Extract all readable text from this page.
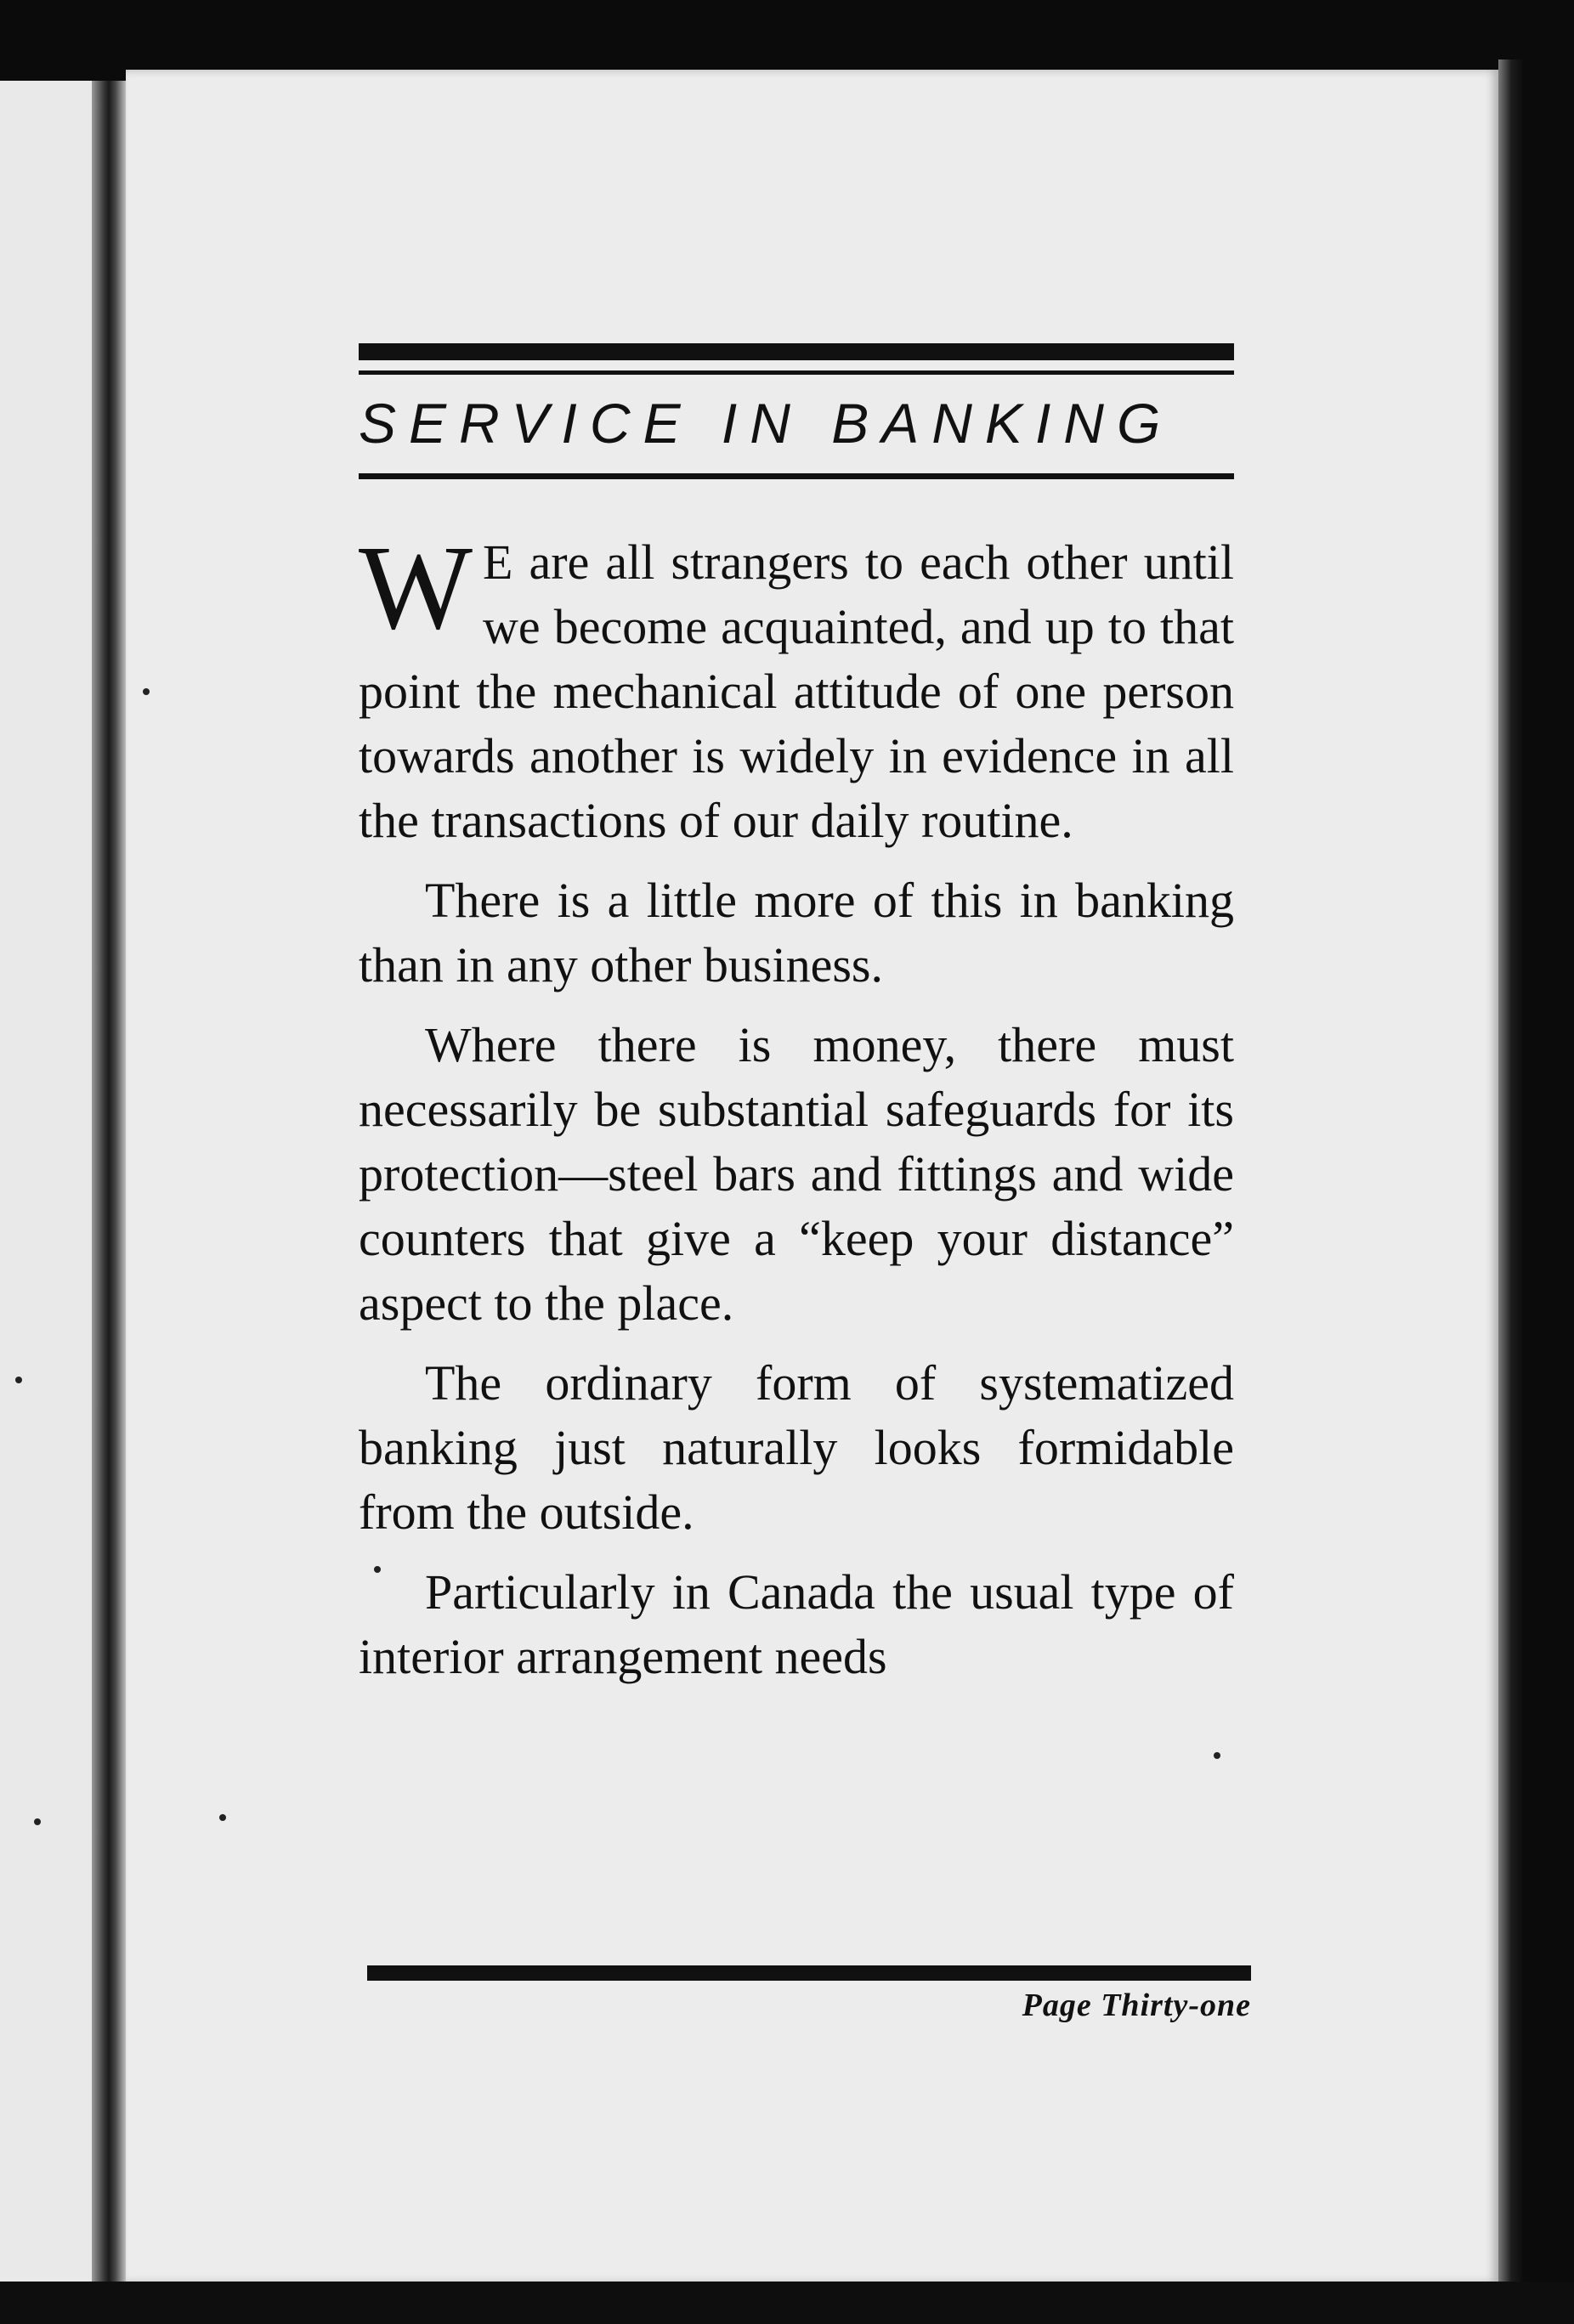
SERVICE IN BANKING

W E are all strangers to each other until we become acquainted, and up to that point the mechanical attitude of one person towards another is widely in evidence in all the transactions of our daily routine.

There is a little more of this in banking than in any other business.

Where there is money, there must necessarily be substantial safeguards for its protection—steel bars and fittings and wide counters that give a “keep your distance” aspect to the place.

The ordinary form of systematized banking just naturally looks formidable from the outside.

Particularly in Canada the usual type of interior arrangement needs

Page Thirty-one
